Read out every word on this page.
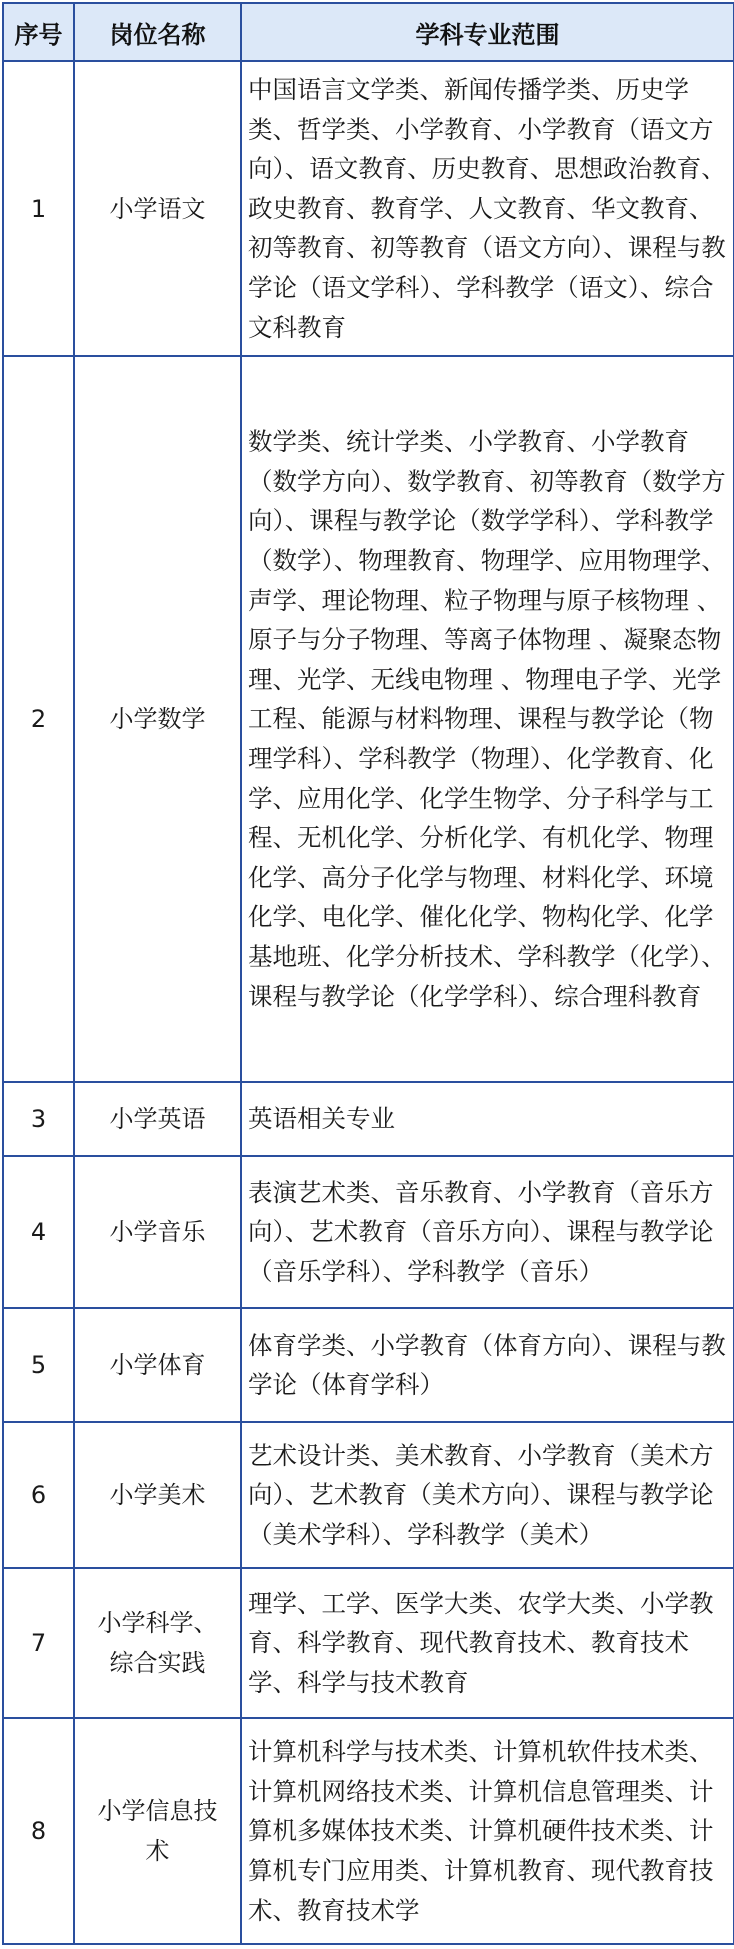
序号	岗位名称	学科专业范围
1	小学语文	中国语言文学类、新闻传播学类、历史学类、哲学类、小学教育、小学教育（语文方向）、语文教育、历史教育、思想政治教育、政史教育、教育学、人文教育、华文教育、初等教育、初等教育（语文方向）、课程与教学论（语文学科）、学科教学（语文）、综合文科教育
2	小学数学	数学类、统计学类、小学教育、小学教育（数学方向）、数学教育、初等教育（数学方向）、课程与教学论（数学学科）、学科教学（数学）、物理教育、物理学、应用物理学、声学、理论物理、粒子物理与原子核物理 、原子与分子物理、等离子体物理 、凝聚态物理、光学、无线电物理 、物理电子学、光学工程、能源与材料物理、课程与教学论（物理学科）、学科教学（物理）、化学教育、化学、应用化学、化学生物学、分子科学与工程、无机化学、分析化学、有机化学、物理化学、高分子化学与物理、材料化学、环境化学、电化学、催化化学、物构化学、化学基地班、化学分析技术、学科教学（化学）、课程与教学论（化学学科）、综合理科教育
3	小学英语	英语相关专业
4	小学音乐	表演艺术类、音乐教育、小学教育（音乐方向）、艺术教育（音乐方向）、课程与教学论（音乐学科）、学科教学（音乐）
5	小学体育	体育学类、小学教育（体育方向）、课程与教学论（体育学科）
6	小学美术	艺术设计类、美术教育、小学教育（美术方向）、艺术教育（美术方向）、课程与教学论（美术学科）、学科教学（美术）
7	小学科学、综合实践	理学、工学、医学大类、农学大类、小学教育、科学教育、现代教育技术、教育技术学、科学与技术教育
8	小学信息技术	计算机科学与技术类、计算机软件技术类、计算机网络技术类、计算机信息管理类、计算机多媒体技术类、计算机硬件技术类、计算机专门应用类、计算机教育、现代教育技术、教育技术学
